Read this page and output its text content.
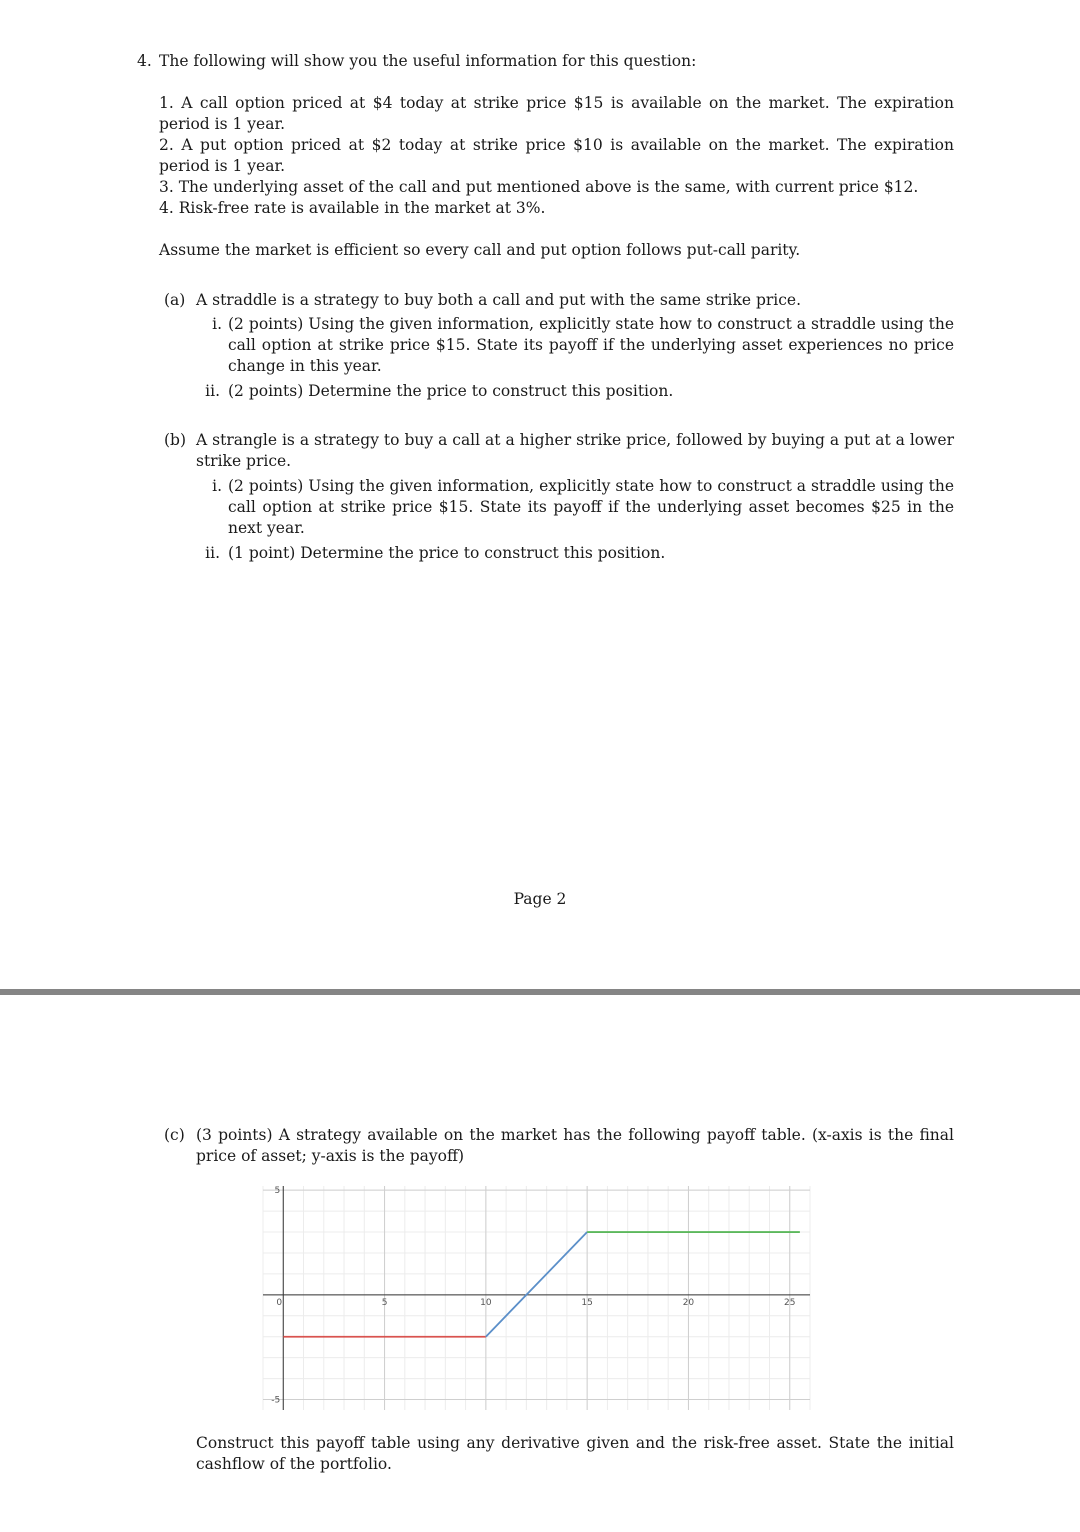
4. The following will show you the useful information for this question:
1. A call option priced at $4 today at strike price $15 is available on the market. The expiration period is 1 year.
2. A put option priced at $2 today at strike price $10 is available on the market. The expiration period is 1 year.
3. The underlying asset of the call and put mentioned above is the same, with current price $12.
4. Risk-free rate is available in the market at 3%.
Assume the market is efficient so every call and put option follows put-call parity.
(a) A straddle is a strategy to buy both a call and put with the same strike price.
i. (2 points) Using the given information, explicitly state how to construct a straddle using the call option at strike price $15. State its payoff if the underlying asset experiences no price change in this year.
ii. (2 points) Determine the price to construct this position.
(b) A strangle is a strategy to buy a call at a higher strike price, followed by buying a put at a lower strike price.
i. (2 points) Using the given information, explicitly state how to construct a straddle using the call option at strike price $15. State its payoff if the underlying asset becomes $25 in the next year.
ii. (1 point) Determine the price to construct this position.
Page 2
(c) (3 points) A strategy available on the market has the following payoff table. (x-axis is the final price of asset; y-axis is the payoff)
0	5	10	15	20	25
5
-5
Construct this payoff table using any derivative given and the risk-free asset. State the initial cashflow of the portfolio.
